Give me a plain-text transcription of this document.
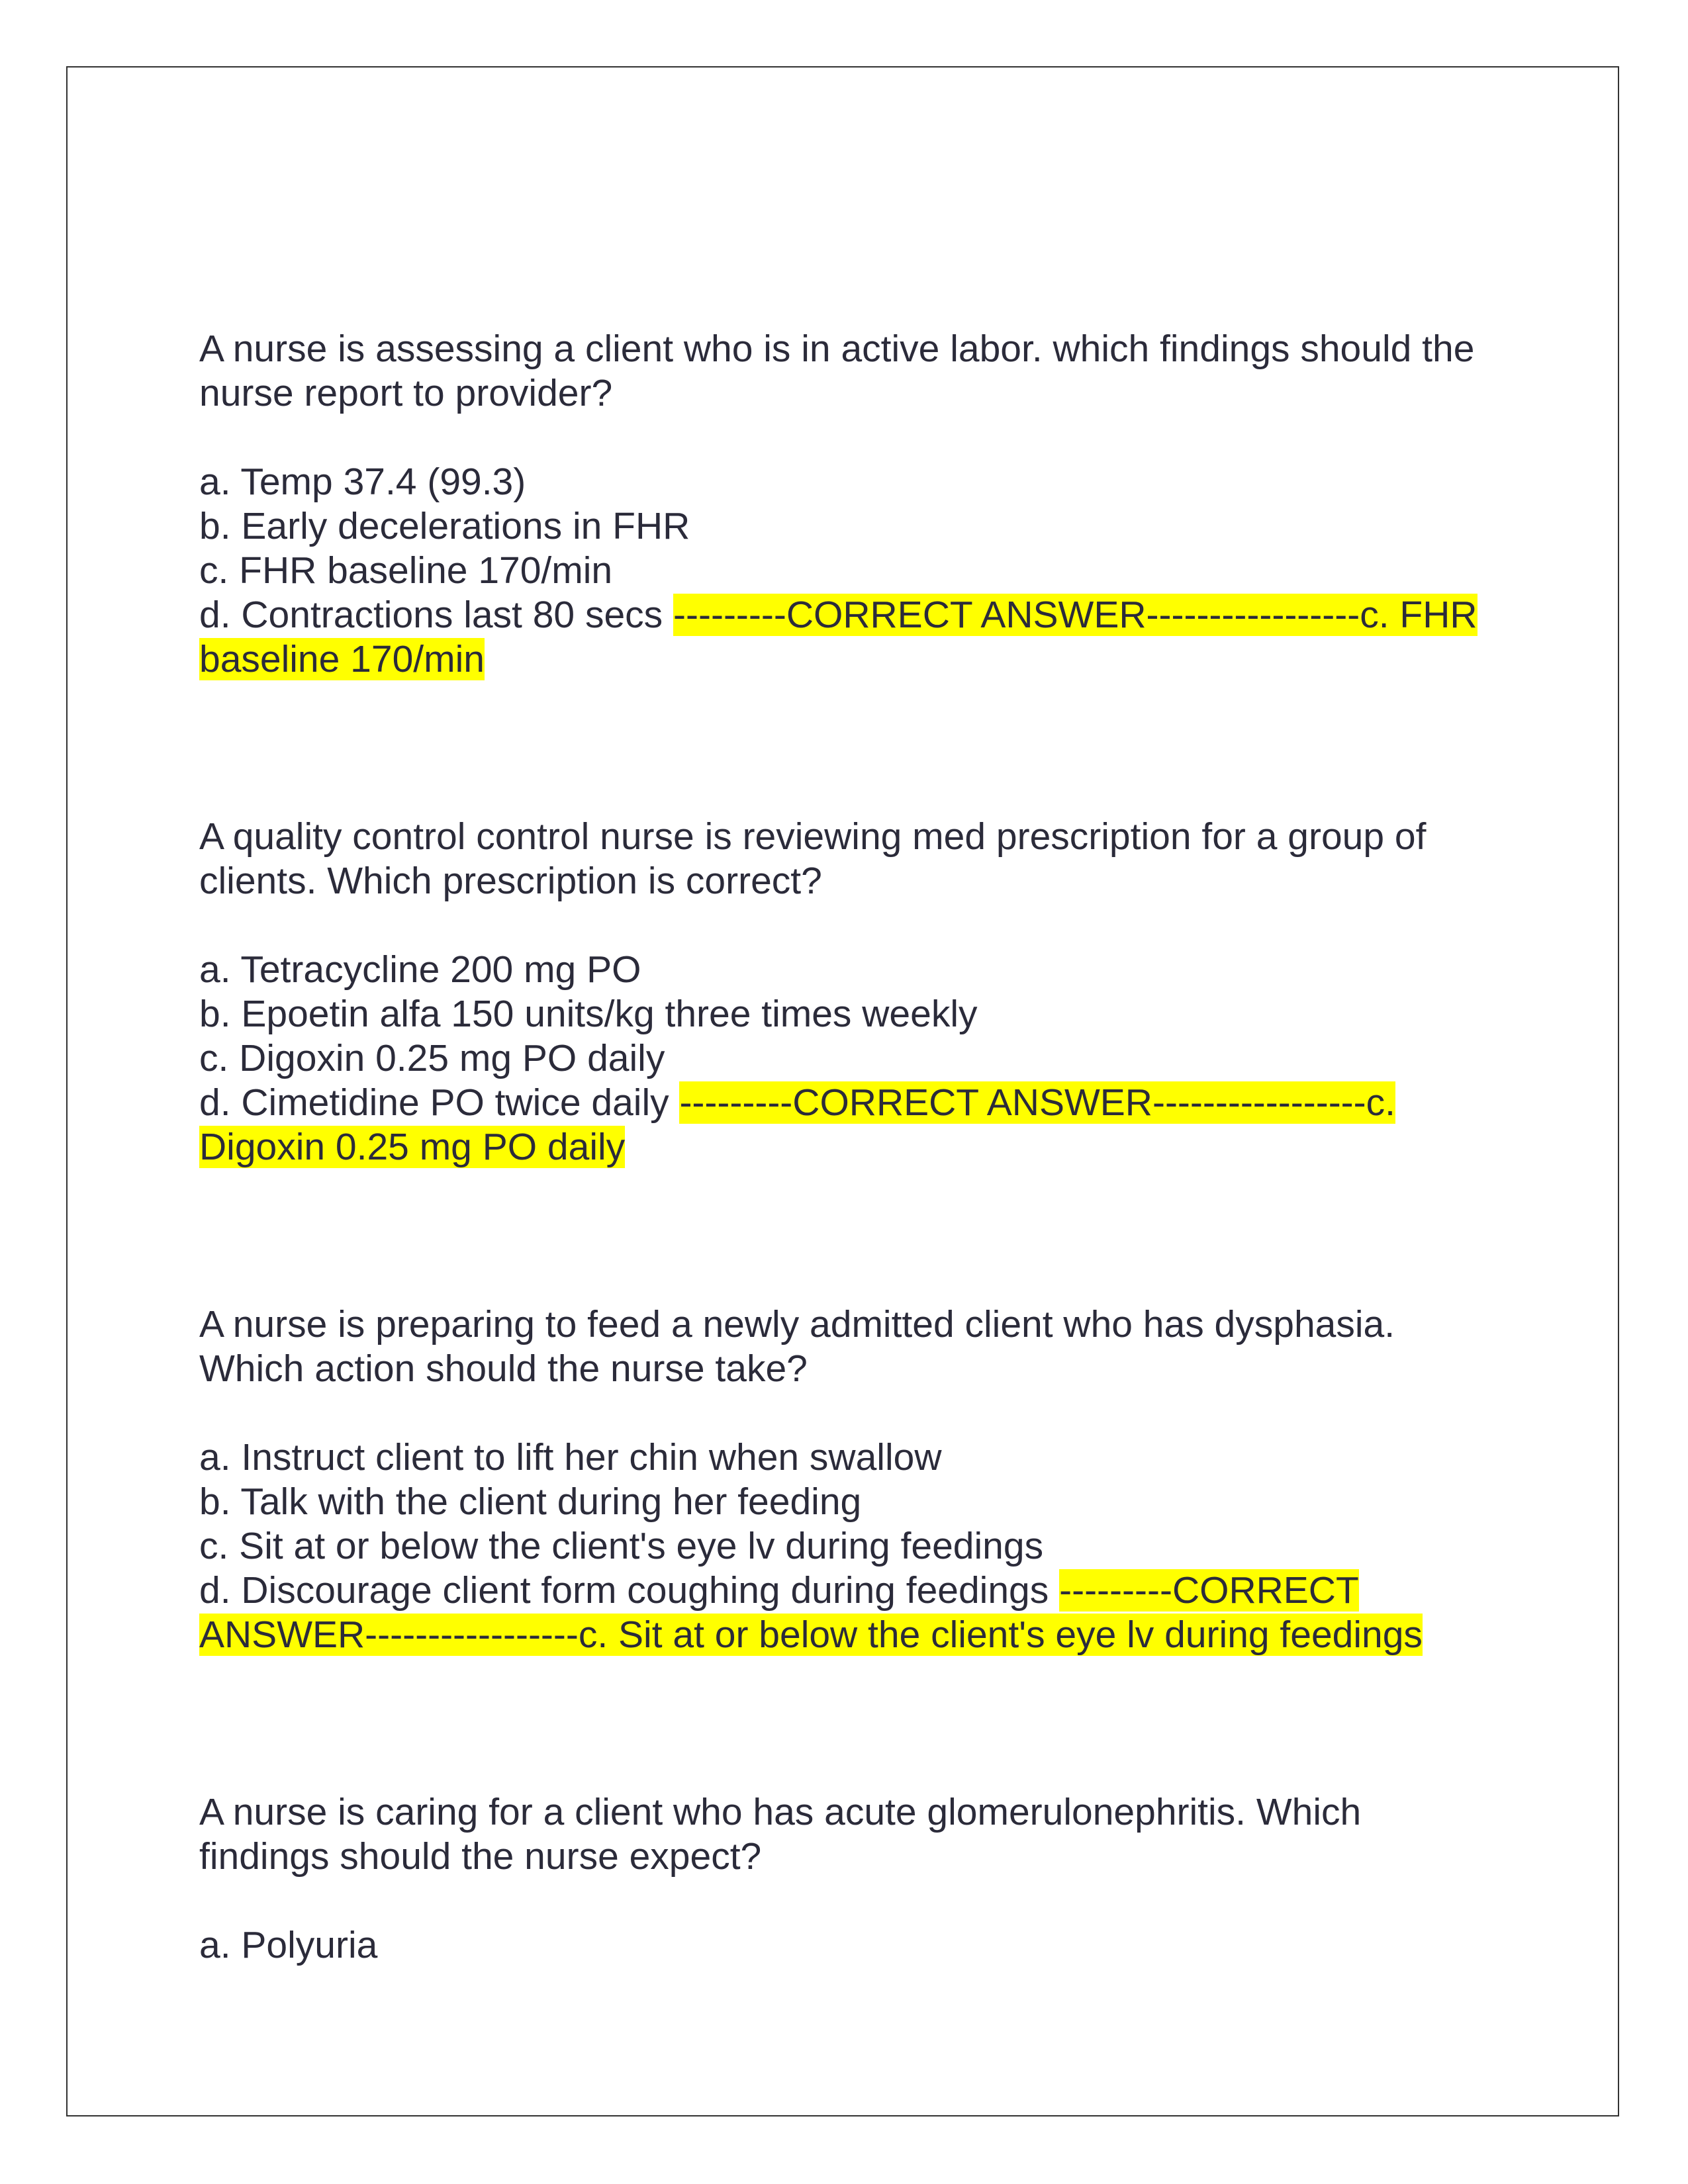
A nurse is assessing a client who is in active labor. which findings should the nurse report to provider?

a. Temp 37.4 (99.3)

b. Early decelerations in FHR

c. FHR baseline 170/min

d. Contractions last 80 secs ---------CORRECT ANSWER-----------------c. FHR baseline 170/min

A quality control control nurse is reviewing med prescription for a group of clients. Which prescription is correct?

a. Tetracycline 200 mg PO

b. Epoetin alfa 150 units/kg three times weekly

c. Digoxin 0.25 mg PO daily

d. Cimetidine PO twice daily ---------CORRECT ANSWER-----------------c. Digoxin 0.25 mg PO daily

A nurse is preparing to feed a newly admitted client who has dysphasia. Which action should the nurse take?

a. Instruct client to lift her chin when swallow

b. Talk with the client during her feeding

c. Sit at or below the client's eye lv during feedings

d. Discourage client form coughing during feedings ---------CORRECT ANSWER-----------------c. Sit at or below the client's eye lv during feedings

A nurse is caring for a client who has acute glomerulonephritis. Which findings should the nurse expect?

a. Polyuria
